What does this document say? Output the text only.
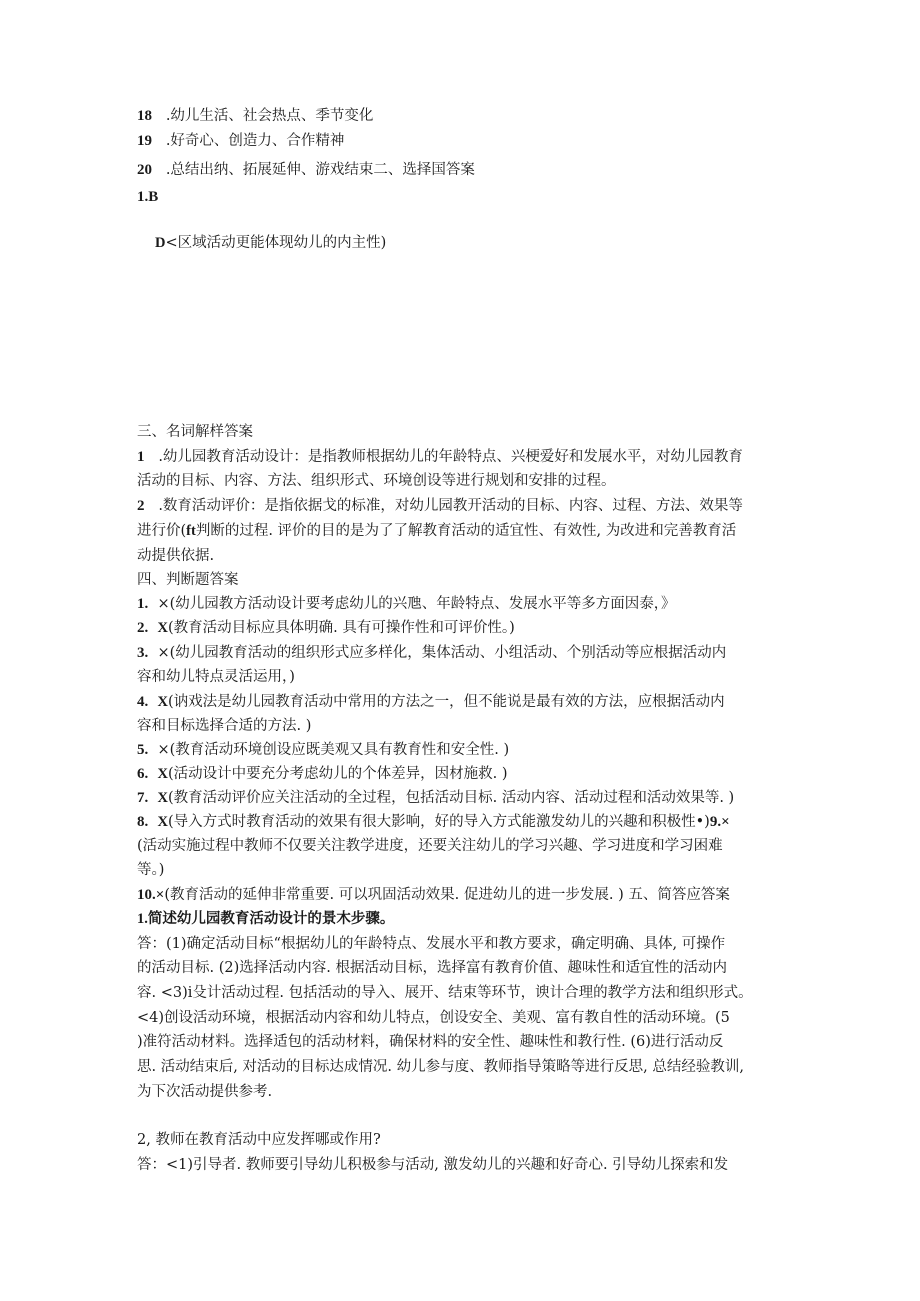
18 .幼儿生活、社会热点、季节变化
19 .好奇心、创造力、合作精神
20 .总结出纳、拓展延伸、游戏结束二、选择国答案
1.B
D<区域活动更能体现幼儿的内主性)
三、名词解样答案
1 .幼儿园教育活动设计：是指教师根据幼儿的年龄特点、兴梗爱好和发展水平，对幼儿园教育
活动的目标、内容、方法、组织形式、环境创设等进行规划和安排的过程。
2 .数育活动评价：是指依据戈的标准，对幼儿园教开活动的目标、内容、过程、方法、效果等
进行价(ft判断的过程. 评价的目的是为了了解教育活动的适宜性、有效性, 为改进和完善教育活
动提供依据.
四、判断题答案
1. ×(幼儿园教方活动设计要考虑幼儿的兴虺、年龄特点、发展水平等多方面因泰，》
2. X(教育活动目标应具体明确. 具有可操作性和可评价性。)
3. ×(幼儿园教育活动的组织形式应多样化，集体活动、小组活动、个别活动等应根据活动内
容和幼儿特点灵活运用，)
4. X(讷戏法是幼儿园教育活动中常用的方法之一，但不能说是最有效的方法，应根据活动内
容和目标选择合适的方法. )
5. ×(教育活动环境创设应既美观又具有教育性和安全性. )
6. X(活动设计中要充分考虑幼儿的个体差异，因材施救. )
7. X(教育活动评价应关注活动的全过程，包括活动目标. 活动内容、活动过程和活动效果等. )
8. X(导入方式时教育活动的效果有很大影响，好的导入方式能激发幼儿的兴趣和积极性•)9.×
(活动实施过程中教师不仅要关注教学进度，还要关注幼儿的学习兴趣、学习进度和学习困难
等。)
10.×(教育活动的延伸非常重要. 可以巩固活动效果. 促进幼儿的进一步发展. ) 五、简答应答案
1.简述幼儿园教育活动设计的景木步骤。
答：(1)确定活动目标“根据幼儿的年龄特点、发展水平和教方要求，确定明确、具体, 可操作
的活动目标. (2)选择活动内容. 根据活动目标，选择富有教育价值、趣味性和适宜性的活动内
容. <3)i殳计活动过程. 包括活动的导入、展开、结束等环节，谀计合理的教学方法和组织形式。
<4)创设活动环境，根据活动内容和幼儿特点，创设安全、美观、富有教自性的活动环境。(5
)准符活动材料。选择适包的活动材料，确保材料的安全性、趣味性和教行性. (6)进行活动反
思. 活动结束后, 对活动的目标达成情况. 幼儿参与度、教师指导策略等进行反思, 总结经验教训,
为下次活动提供参考.
2, 教师在教育活动中应发挥哪或作用?
答：<1)引导者. 教师要引导幼儿积极参与活动, 激发幼儿的兴趣和好奇心. 引导幼儿探索和发
